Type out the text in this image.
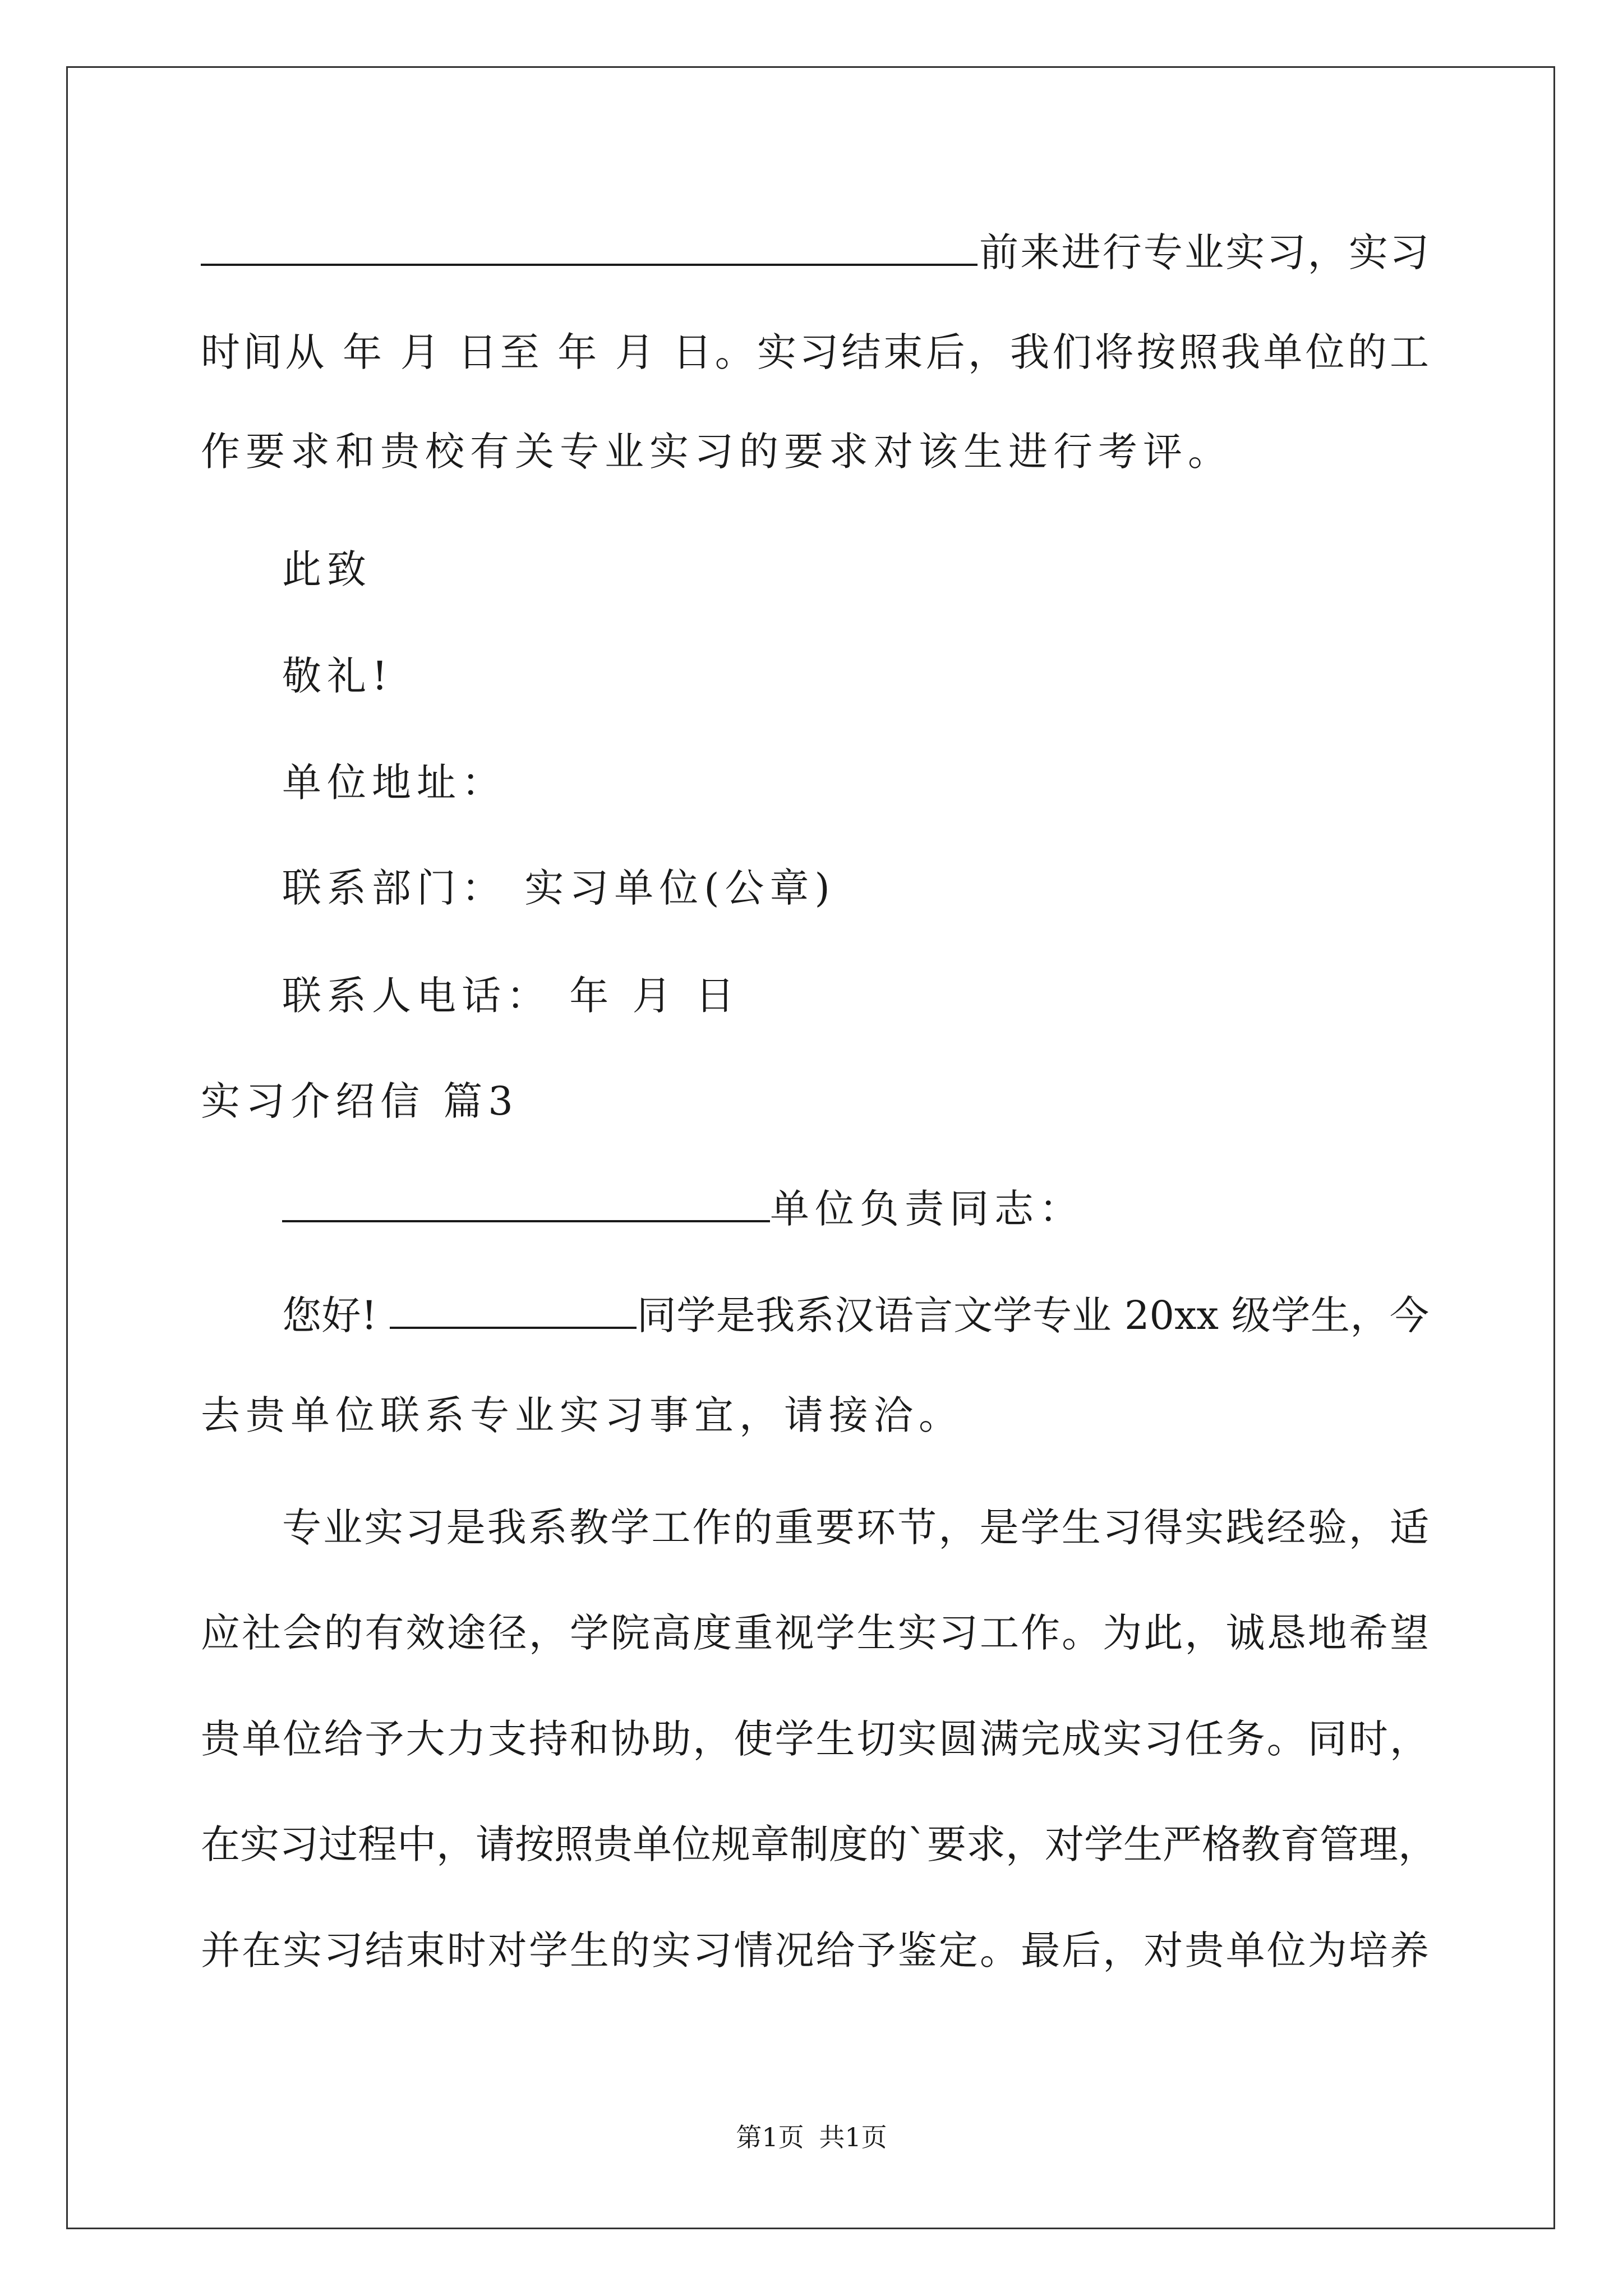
前来进行专业实习，实习
时间从 年 月 日至 年 月 日。实习结束后，我们将按照我单位的工
作要求和贵校有关专业实习的要求对该生进行考评。
此致
敬礼!
单位地址：
联系部门： 实习单位(公章)
联系人电话： 年 月 日
实习介绍信 篇3
单位负责同志：
您好!	同学是我系汉语言文学专业 20xx 级学生，今
去贵单位联系专业实习事宜，请接洽。
专业实习是我系教学工作的重要环节，是学生习得实践经验，适
应社会的有效途径，学院高度重视学生实习工作。为此，诚恳地希望
贵单位给予大力支持和协助，使学生切实圆满完成实习任务。同时，
在实习过程中，请按照贵单位规章制度的`要求，对学生严格教育管理，
并在实习结束时对学生的实习情况给予鉴定。最后，对贵单位为培养
第1页 共1页
